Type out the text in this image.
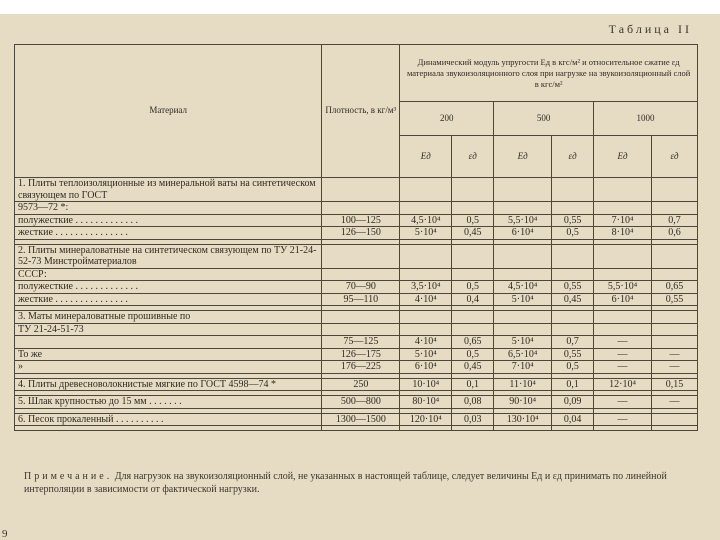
Таблица II
Материал	Плотность, в кг/м³	Динамический модуль упругости Eд в кгс/м² и относительное сжатие εд материала звукоизоляционного слоя при нагрузке на звукоизоляционный слой в кгс/м²					
		200		500		1000	
		Eд	εд	Eд	εд	Eд	εд
1. Плиты теплоизоляционные из минеральной ваты на синтетическом связующем по ГОСТ							
9573—72 *:							
полужесткие . . . . . . . . . . . . .	100—125	4,5·10⁴	0,5	5,5·10⁴	0,55	7·10⁴	0,7
жесткие . . . . . . . . . . . . . . .	126—150	5·10⁴	0,45	6·10⁴	0,5	8·10⁴	0,6

2. Плиты минераловатные на синтетическом связующем по ТУ 21-24-52-73 Минстройматериалов							
СССР:							
полужесткие . . . . . . . . . . . . .	70—90	3,5·10⁴	0,5	4,5·10⁴	0,55	5,5·10⁴	0,65
жесткие . . . . . . . . . . . . . . .	95—110	4·10⁴	0,4	5·10⁴	0,45	6·10⁴	0,55

3. Маты минераловатные прошивные по							
ТУ 21-24-51-73							
	75—125	4·10⁴	0,65	5·10⁴	0,7	—	
То же	126—175	5·10⁴	0,5	6,5·10⁴	0,55	—	—
»	176—225	6·10⁴	0,45	7·10⁴	0,5	—	—

4. Плиты древесноволокнистые мягкие по ГОСТ 4598—74 *	250	10·10⁴	0,1	11·10⁴	0,1	12·10⁴	0,15

5. Шлак крупностью до 15 мм . . . . . . .	500—800	80·10⁴	0,08	90·10⁴	0,09	—	—

6. Песок прокаленный . . . . . . . . . .	1300—1500	120·10⁴	0,03	130·10⁴	0,04	—	

Примечание. Для нагрузок на звукоизоляционный слой, не указанных в настоящей таблице, следует величины Eд и εд принимать по линейной интерполяции в зависимости от фактической нагрузки.
9
